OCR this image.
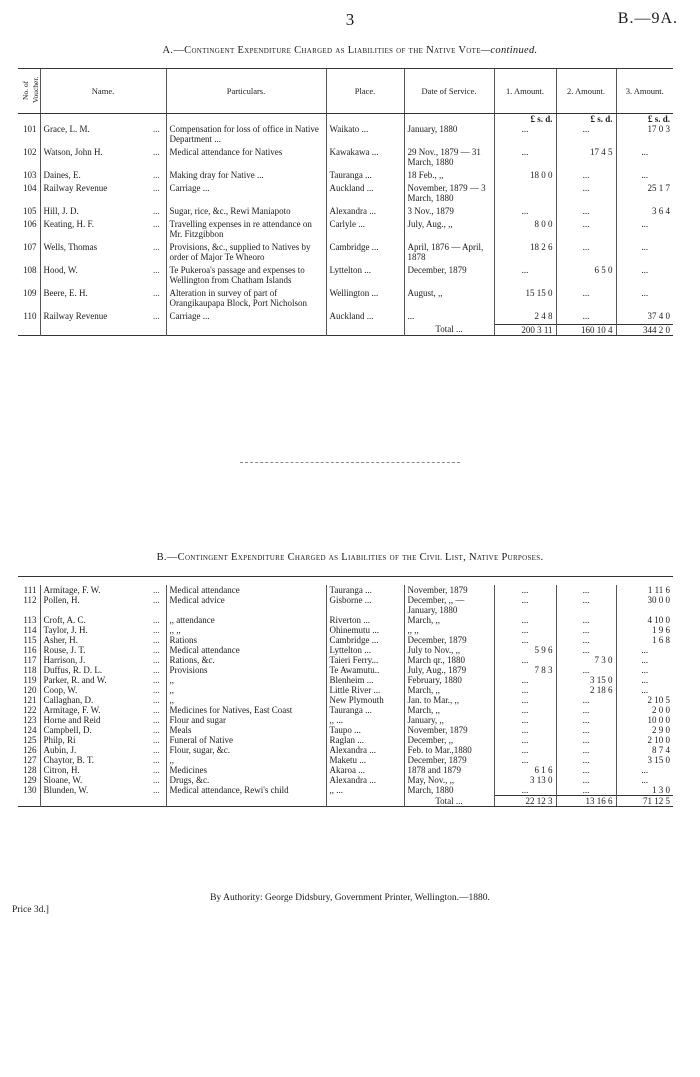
3	B.—9A.
A.—Contingent Expenditure Charged as Liabilities of the Native Vote—continued.
No. of Voucher.	Name.		Particulars.	Place.	Date of Service.	1. Amount.	2. Amount.	3. Amount.
						£ s. d.	£ s. d.	£ s. d.
101	Grace, L. M.	...	Compensation for loss of office in Native Department ...	Waikato ...	January, 1880	...	...	17 0 3

102	Watson, John H.	...	Medical attendance for Natives	Kawakawa ...	29 Nov., 1879 — 31 March, 1880	...	17 4 5	...

103	Daines, E.	...	Making dray for Native ...	Tauranga ...	18 Feb., ,,	18 0 0	...	...

104	Railway Revenue	...	Carriage ...	Auckland ...	November, 1879 — 3 March, 1880		...	25 1 7

105	Hill, J. D.	...	Sugar, rice, &c., Rewi Maniapoto	Alexandra ...	3 Nov., 1879	...	...	3 6 4

106	Keating, H. F.	...	Travelling expenses in re attendance on Mr. Fitzgibbon	Carlyle ...	July, Aug., ,,	8 0 0	...	...

107	Wells, Thomas	...	Provisions, &c., supplied to Natives by order of Major Te Wheoro	Cambridge ...	April, 1876 — April, 1878	18 2 6	...	...

108	Hood, W.	...	Te Pukeroa's passage and expenses to Wellington from Chatham Islands	Lyttelton ...	December, 1879	...	6 5 0	...

109	Beere, E. H.	...	Alteration in survey of part of Orangikaupapa Block, Port Nicholson	Wellington ...	August, ,,	15 15 0	...	...

110	Railway Revenue	...	Carriage ...	Auckland ...	...	2 4 8	...	37 4 0

					Total ...	200 3 11	160 10 4	344 2 0

B.—Contingent Expenditure Charged as Liabilities of the Civil List, Native Purposes.

111	Armitage, F. W.	...	Medical attendance	Tauranga ...	November, 1879	...	...	1 11 6
112	Pollen, H.	...	Medical advice	Gisborne ...	December, ,, — January, 1880	...	...	30 0 0
113	Croft, A. C.	...	,, attendance	Riverton ...	March, ,,	...	...	4 10 0
114	Taylor, J. H.	...	,, ,,	Ohinemutu ...	,, ,,	...	...	1 9 6
115	Asher, H.	...	Rations	Cambridge ...	December, 1879	...	...	1 6 8
116	Rouse, J. T.	...	Medical attendance	Lyttelton ...	July to Nov., ,,	5 9 6	...	...
117	Harrison, J.	...	Rations, &c.	Taieri Ferry...	March qr., 1880	...	7 3 0	...
118	Duffus, R. D. L.	...	Provisions	Te Awamutu..	July, Aug., 1879	7 8 3	...	...
119	Parker, R. and W.	...	,,	Blenheim ...	February, 1880	...	3 15 0	...
120	Coop, W.	...	,,	Little River ...	March, ,,	...	2 18 6	...
121	Callaghan, D.	...	,,	New Plymouth	Jan. to Mar., ,,	...	...	2 10 5
122	Armitage, F. W.	...	Medicines for Natives, East Coast	Tauranga ...	March, ,,	...	...	2 0 0
123	Horne and Reid	...	Flour and sugar	,, ...	January, ,,	...	...	10 0 0
124	Campbell, D.	...	Meals	Taupo ...	November, 1879	...	...	2 9 0
125	Philp, Ri	...	Funeral of Native	Raglan ...	December, ,,	...	...	2 10 0
126	Aubin, J.	...	Flour, sugar, &c.	Alexandra ...	Feb. to Mar.,1880	...	...	8 7 4
127	Chaytor, B. T.	...	,,	Maketu ...	December, 1879	...	...	3 15 0
128	Citron, H.	...	Medicines	Akaroa ...	1878 and 1879	6 1 6	...	...
129	Sloane, W.	...	Drugs, &c.	Alexandra ...	May, Nov., ,,	3 13 0	...	...
130	Blunden, W.	...	Medical attendance, Rewi's child	,, ...	March, 1880	...	...	1 3 0
					Total ...	22 12 3	13 16 6	71 12 5

By Authority: George Didsbury, Government Printer, Wellington.—1880.
Price 3d.]
